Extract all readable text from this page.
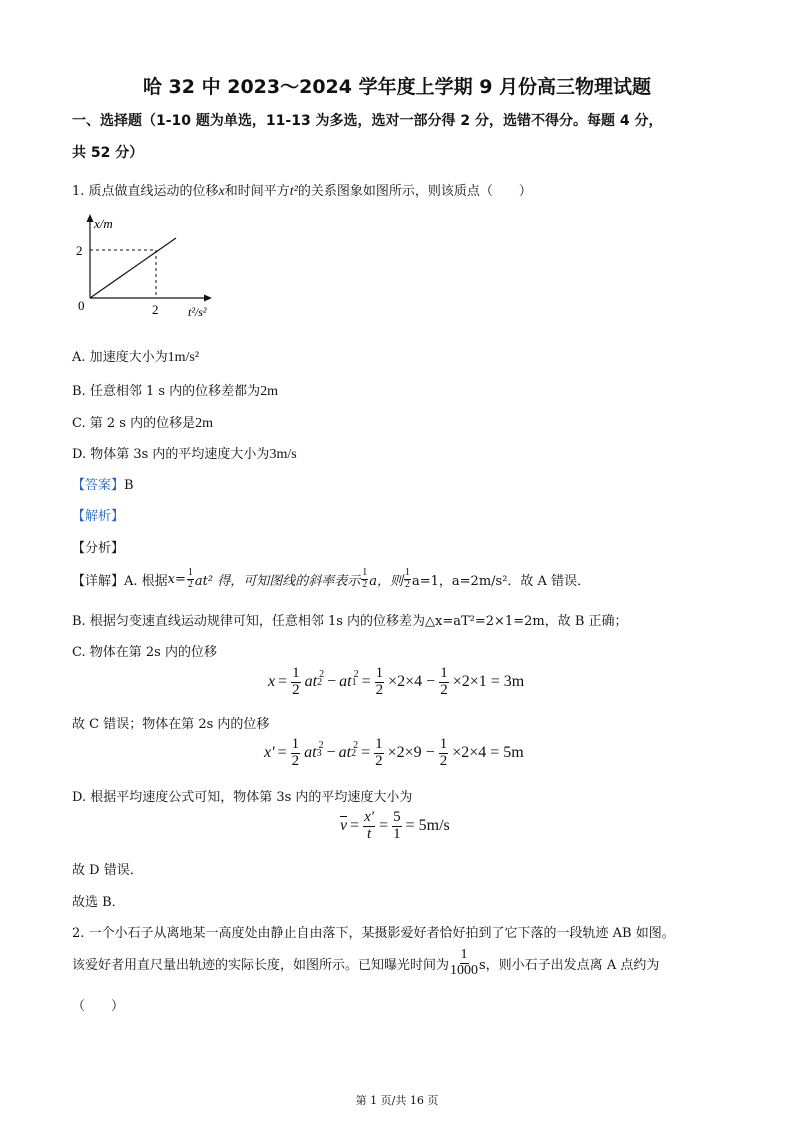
哈 32 中 2023～2024 学年度上学期 9 月份高三物理试题
一、选择题（1-10 题为单选，11-13 为多选，选对一部分得 2 分，选错不得分。每题 4 分，
共 52 分）
1. 质点做直线运动的位移x和时间平方t²的关系图象如图所示，则该质点（　　）
x/m
2
0	2 t²/s²
A. 加速度大小为1m/s²
B. 任意相邻 1 s 内的位移差都为2m
C. 第 2 s 内的位移是2m
D. 物体第 3s 内的平均速度大小为3m/s
【答案】B
【解析】
【分析】
【详解】 A. 根据 $x= \frac{1}{2} at^2$ 得，可知图线的斜率表示 $\frac{1}{2}$ a，则 $\frac{1}{2} a=1$，a=2m/s²．故 A 错误．
B. 根据匀变速直线运动规律可知，任意相邻 1s 内的位移差为△x=aT²=2×1=2m，故 B 正确；
C. 物体在第 2s 内的位移
$x = \frac{1}{2}$ at 2
$^2$ − at 1
$^2 = \frac{1}{2} \times 2\times 4 - \frac{1}{2} \times 2\times 1 = 3m$
故 C 错误；物体在第 2s 内的位移
$x' = \frac{1}{2}$ at 3
$^2$ − at 2
$^2 = \frac{1}{2} \times 2\times 9 - \frac{1}{2} \times 2\times 4 = 5m$
D. 根据平均速度公式可知，物体第 3s 内的平均速度大小为
$\overline{v} = \frac{x'}{t} = \frac{5}{1} = 5m/s$
故 D 错误．
故选 B．
2. 一个小石子从离地某一高度处由静止自由落下，某摄影爱好者恰好拍到了它下落的一段轨迹 AB 如图。
该爱好者用直尺量出轨迹的实际长度，如图所示。已知曝光时间为 $\frac{1}{1000}$ s，则小石子出发点离 A 点约为
（　　）
第 1 页/共 16 页
